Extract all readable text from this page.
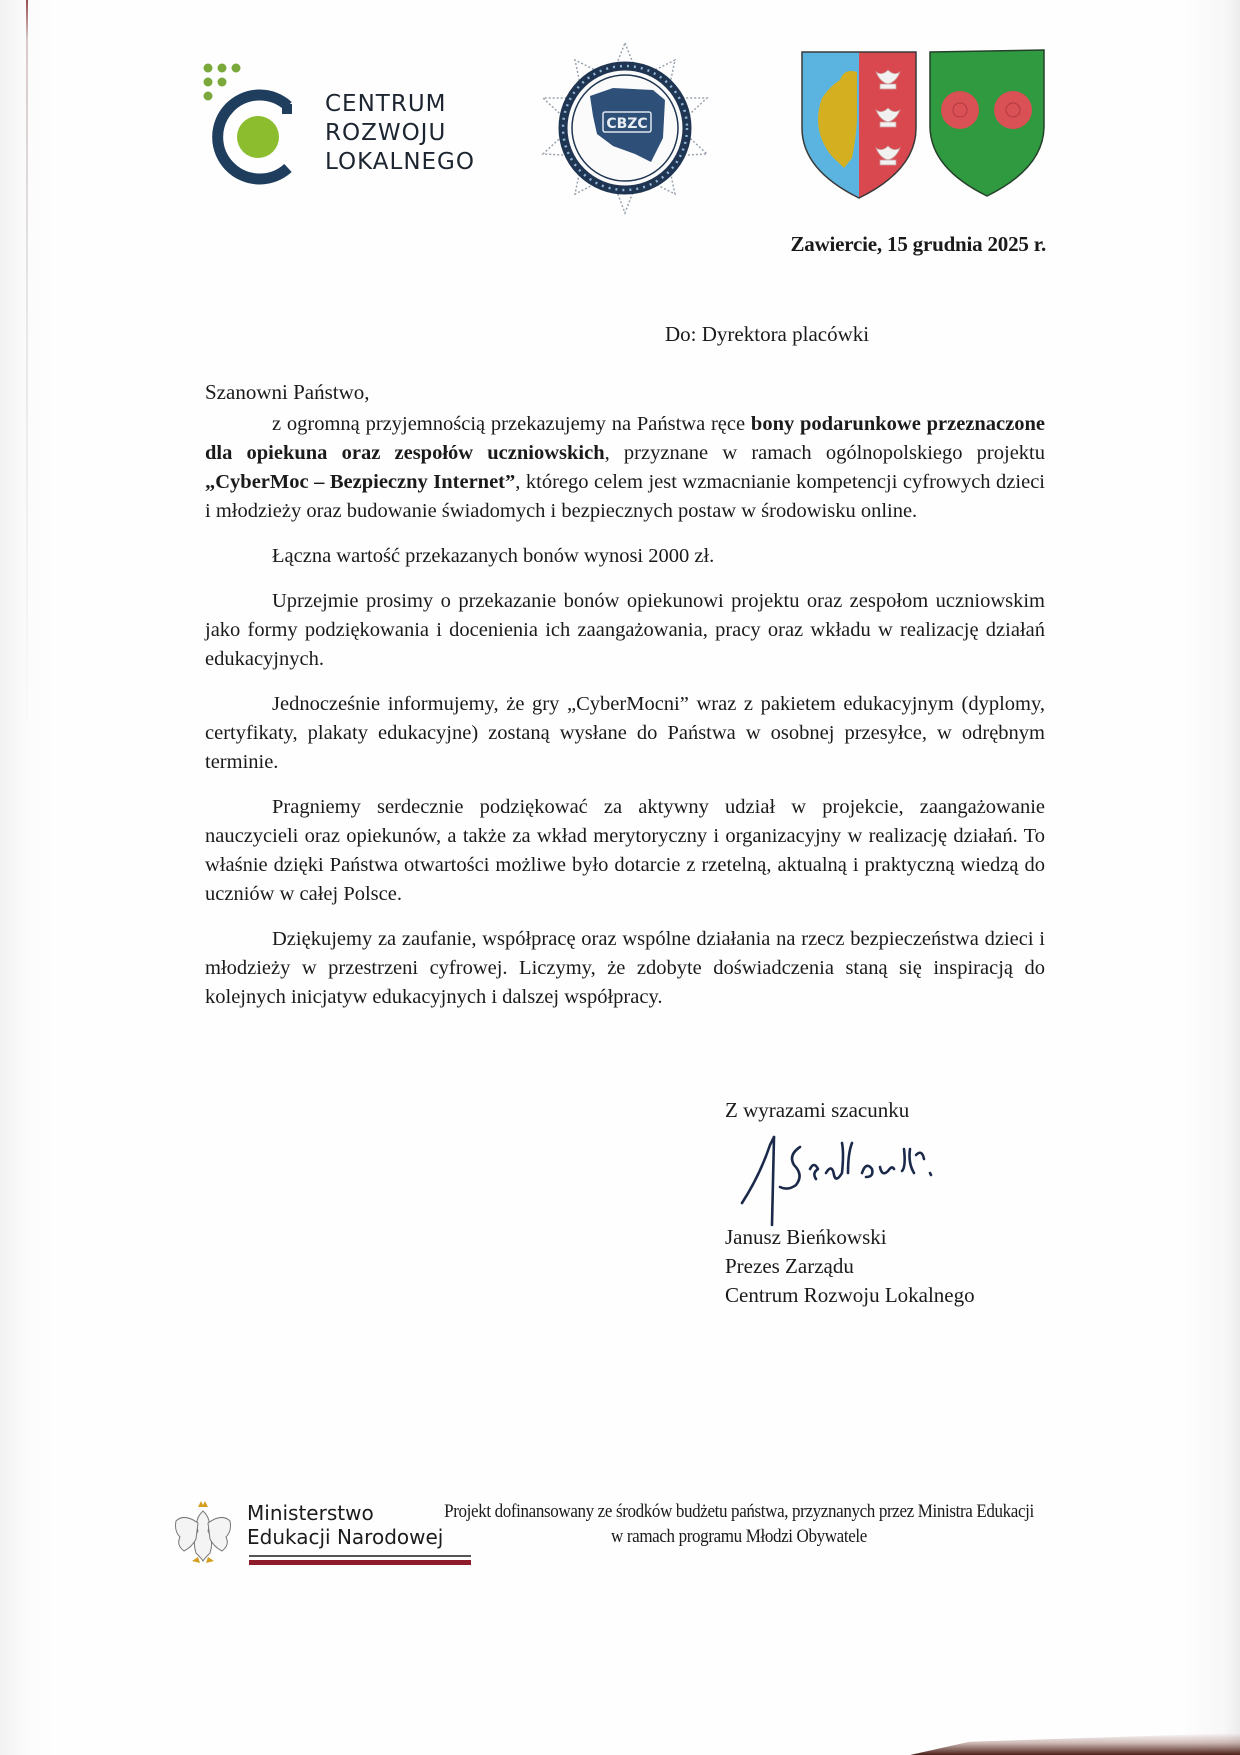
CENTRUM
ROZWOJU
LOKALNEGO
CBZC
Zawiercie, 15 grudnia 2025 r.
Do: Dyrektora placówki
Szanowni Państwo,

z ogromną przyjemnością przekazujemy na Państwa ręce bony podarunkowe przeznaczone dla opiekuna oraz zespołów uczniowskich, przyznane w ramach ogólnopolskiego projektu „CyberMoc – Bezpieczny Internet”, którego celem jest wzmacnianie kompetencji cyfrowych dzieci i młodzieży oraz budowanie świadomych i bezpiecznych postaw w środowisku online.

Łączna wartość przekazanych bonów wynosi 2000 zł.

Uprzejmie prosimy o przekazanie bonów opiekunowi projektu oraz zespołom uczniowskim jako formy podziękowania i docenienia ich zaangażowania, pracy oraz wkładu w realizację działań edukacyjnych.

Jednocześnie informujemy, że gry „CyberMocni” wraz z pakietem edukacyjnym (dyplomy, certyfikaty, plakaty edukacyjne) zostaną wysłane do Państwa w osobnej przesyłce, w odrębnym terminie.

Pragniemy serdecznie podziękować za aktywny udział w projekcie, zaangażowanie nauczycieli oraz opiekunów, a także za wkład merytoryczny i organizacyjny w realizację działań. To właśnie dzięki Państwa otwartości możliwe było dotarcie z rzetelną, aktualną i praktyczną wiedzą do uczniów w całej Polsce.

Dziękujemy za zaufanie, współpracę oraz wspólne działania na rzecz bezpieczeństwa dzieci i młodzieży w przestrzeni cyfrowej. Liczymy, że zdobyte doświadczenia staną się inspiracją do kolejnych inicjatyw edukacyjnych i dalszej współpracy.

Z wyrazami szacunku
Janusz Bieńkowski
Prezes Zarządu
Centrum Rozwoju Lokalnego
Ministerstwo
Edukacji Narodowej
Projekt dofinansowany ze środków budżetu państwa, przyznanych przez Ministra Edukacji
w ramach programu Młodzi Obywatele
